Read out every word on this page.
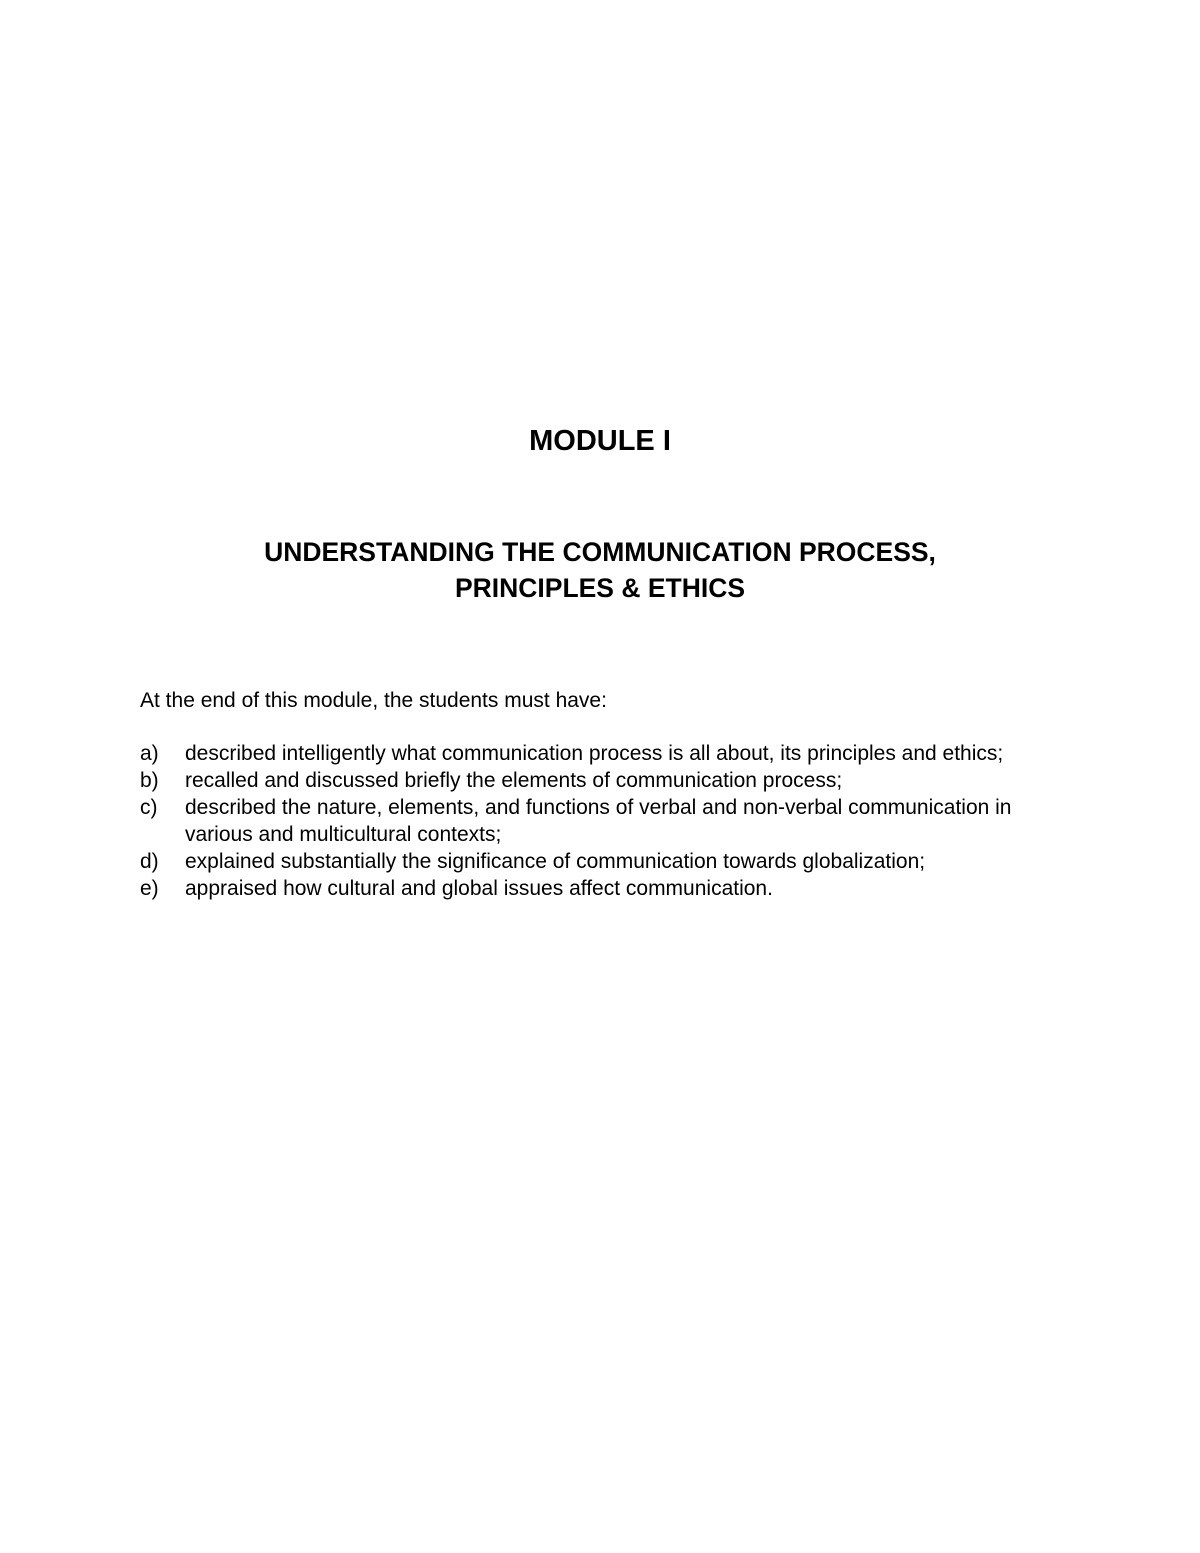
MODULE I
UNDERSTANDING THE COMMUNICATION PROCESS,
PRINCIPLES & ETHICS

At the end of this module, the students must have:

a) described intelligently what communication process is all about, its principles and ethics;
b) recalled and discussed briefly the elements of communication process;
c) described the nature, elements, and functions of verbal and non-verbal communication in various and multicultural contexts;
d) explained substantially the significance of communication towards globalization;
e) appraised how cultural and global issues affect communication.
